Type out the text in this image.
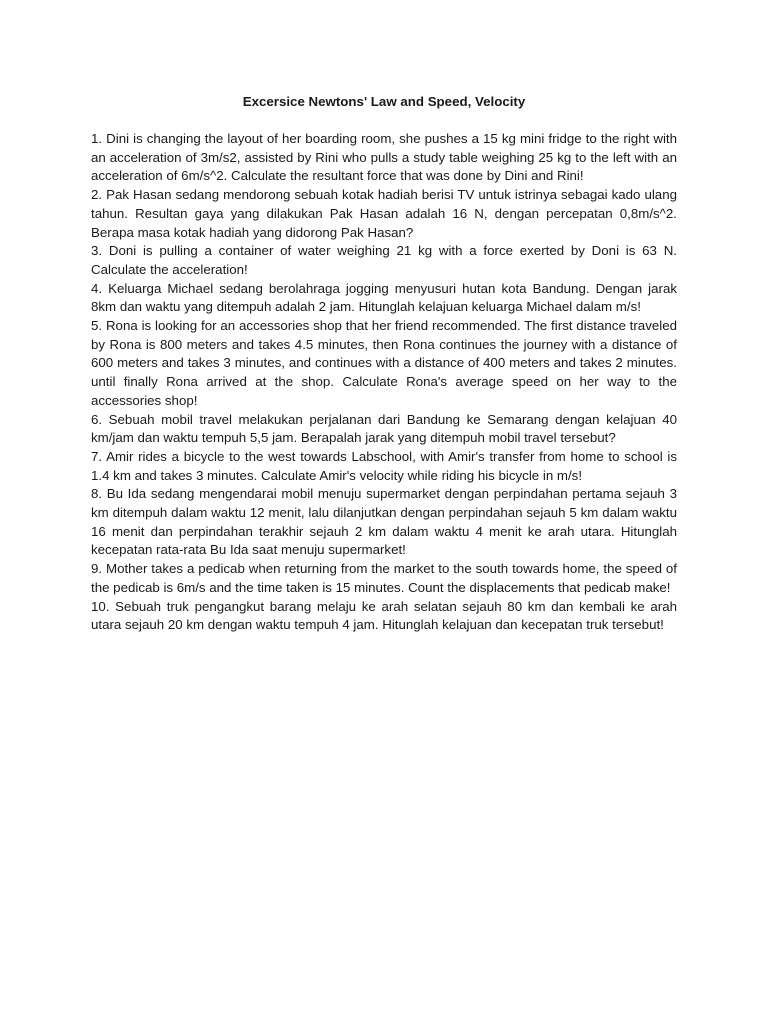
Excersice Newtons' Law and Speed, Velocity
1. Dini is changing the layout of her boarding room, she pushes a 15 kg mini fridge to the right with an acceleration of 3m/s2, assisted by Rini who pulls a study table weighing 25 kg to the left with an acceleration of 6m/s^2. Calculate the resultant force that was done by Dini and Rini!
2. Pak Hasan sedang mendorong sebuah kotak hadiah berisi TV untuk istrinya sebagai kado ulang tahun. Resultan gaya yang dilakukan Pak Hasan adalah 16 N, dengan percepatan 0,8m/s^2. Berapa masa kotak hadiah yang didorong Pak Hasan?
3. Doni is pulling a container of water weighing 21 kg with a force exerted by Doni is 63 N. Calculate the acceleration!
4. Keluarga Michael sedang berolahraga jogging menyusuri hutan kota Bandung. Dengan jarak 8km dan waktu yang ditempuh adalah 2 jam. Hitunglah kelajuan keluarga Michael dalam m/s!
5. Rona is looking for an accessories shop that her friend recommended. The first distance traveled by Rona is 800 meters and takes 4.5 minutes, then Rona continues the journey with a distance of 600 meters and takes 3 minutes, and continues with a distance of 400 meters and takes 2 minutes. until finally Rona arrived at the shop. Calculate Rona's average speed on her way to the accessories shop!
6. Sebuah mobil travel melakukan perjalanan dari Bandung ke Semarang dengan kelajuan 40 km/jam dan waktu tempuh 5,5 jam. Berapalah jarak yang ditempuh mobil travel tersebut?
7. Amir rides a bicycle to the west towards Labschool, with Amir's transfer from home to school is 1.4 km and takes 3 minutes. Calculate Amir's velocity while riding his bicycle in m/s!
8. Bu Ida sedang mengendarai mobil menuju supermarket dengan perpindahan pertama sejauh 3 km ditempuh dalam waktu 12 menit, lalu dilanjutkan dengan perpindahan sejauh 5 km dalam waktu 16 menit dan perpindahan terakhir sejauh 2 km dalam waktu 4 menit ke arah utara. Hitunglah kecepatan rata-rata Bu Ida saat menuju supermarket!
9. Mother takes a pedicab when returning from the market to the south towards home, the speed of the pedicab is 6m/s and the time taken is 15 minutes. Count the displacements that pedicab make!
10. Sebuah truk pengangkut barang melaju ke arah selatan sejauh 80 km dan kembali ke arah utara sejauh 20 km dengan waktu tempuh 4 jam. Hitunglah kelajuan dan kecepatan truk tersebut!
